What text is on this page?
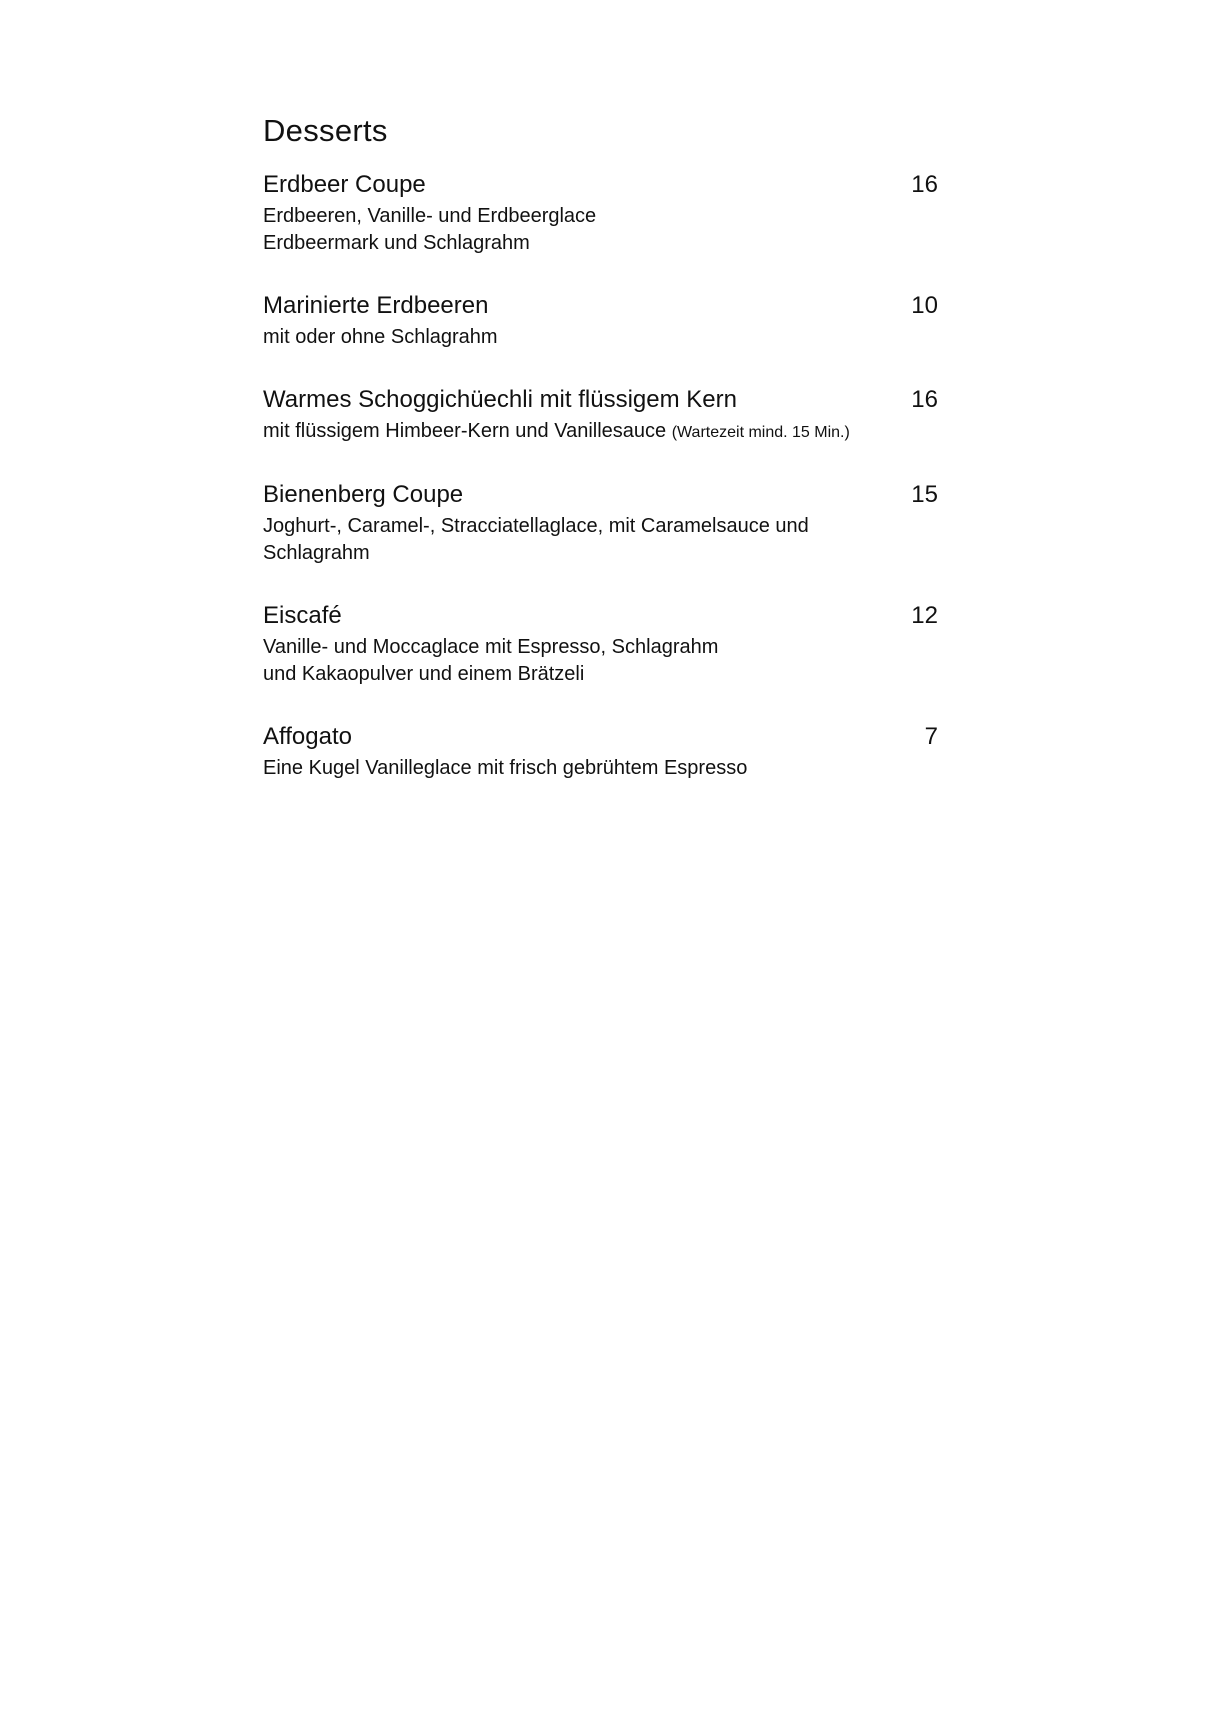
Desserts
Erdbeer Coupe	16
Erdbeeren, Vanille- und Erdbeerglace
Erdbeermark und Schlagrahm
Marinierte Erdbeeren	10
mit oder ohne Schlagrahm
Warmes Schoggichüechli mit flüssigem Kern	16
mit flüssigem Himbeer-Kern und Vanillesauce (Wartezeit mind. 15 Min.)
Bienenberg Coupe	15
Joghurt-, Caramel-, Stracciatellaglace, mit Caramelsauce und
Schlagrahm
Eiscafé	12
Vanille- und Moccaglace mit Espresso, Schlagrahm
und Kakaopulver und einem Brätzeli
Affogato	7
Eine Kugel Vanilleglace mit frisch gebrühtem Espresso
